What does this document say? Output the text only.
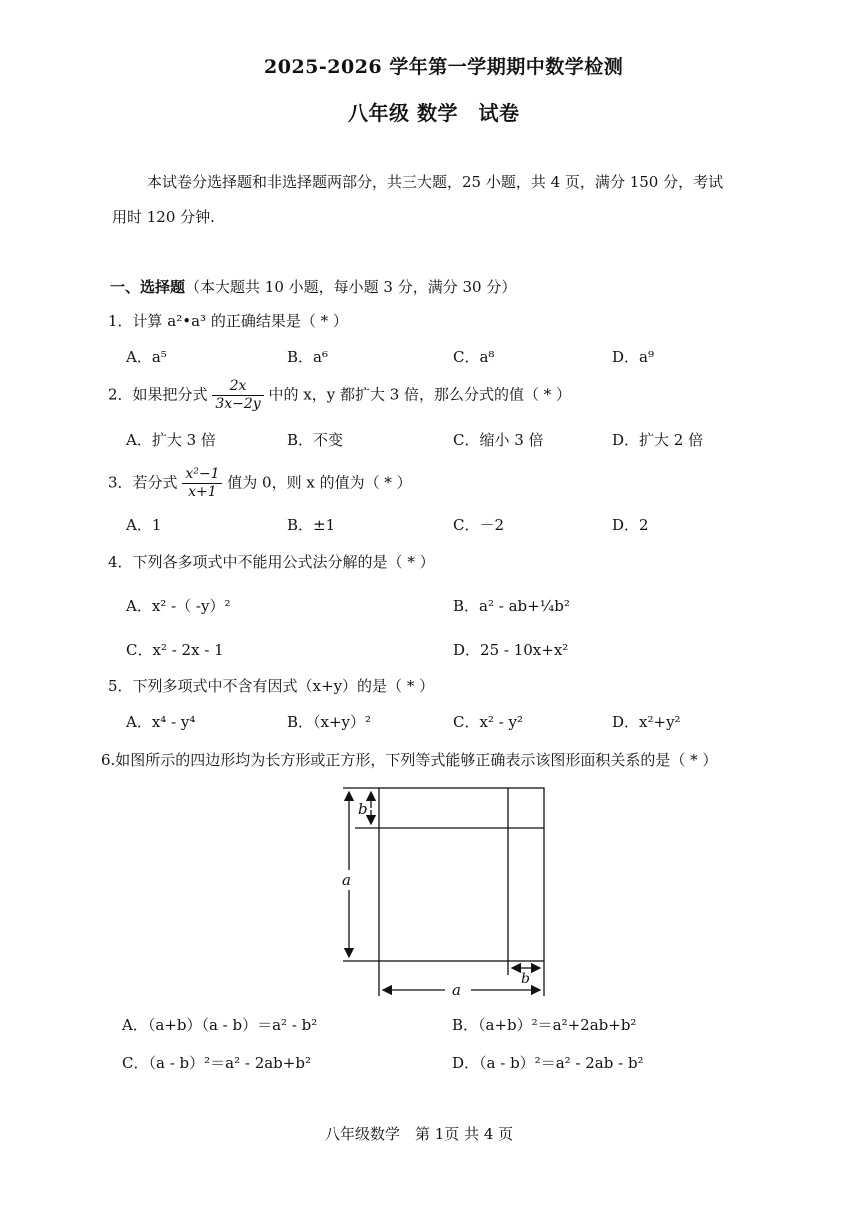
2025-2026 学年第一学期期中数学检测
八年级 数学　试卷
本试卷分选择题和非选择题两部分，共三大题，25 小题，共 4 页，满分 150 分，考试
用时 120 分钟.
一、选择题（本大题共 10 小题，每小题 3 分，满分 30 分）
1．计算 a²•a³ 的正确结果是（ * ）
A．a⁵	B．a⁶	C．a⁸	D．a⁹
2．如果把分式 $\frac{2x}{3x-2y}$ 中的 x，y 都扩大 3 倍，那么分式的值（ * ）
A．扩大 3 倍	B．不变	C．缩小 3 倍	D．扩大 2 倍
3．若分式 $\frac{\text{x²−1}}{x+1}$ 值为 0，则 x 的值为（ * ）
A．1	B．±1	C．－2	D．2
4．下列各多项式中不能用公式法分解的是（ * ）
A．x² -（ -y）²	B．a² - ab+¼b²
C．x² - 2x - 1	D．25 - 10x+x²
5．下列多项式中不含有因式（x+y）的是（ * ）
A．x⁴ - y⁴	B．（x+y）²	C．x² - y²	D．x²+y²
6.如图所示的四边形均为长方形或正方形，下列等式能够正确表示该图形面积关系的是（ * ）
a
b
a
b
A．（a+b）（a - b）＝a² - b²	B．（a+b）²＝a²+2ab+b²
C．（a - b）²＝a² - 2ab+b²	D．（a - b）²＝a² - 2ab - b²
八年级数学　第 1页 共 4 页
